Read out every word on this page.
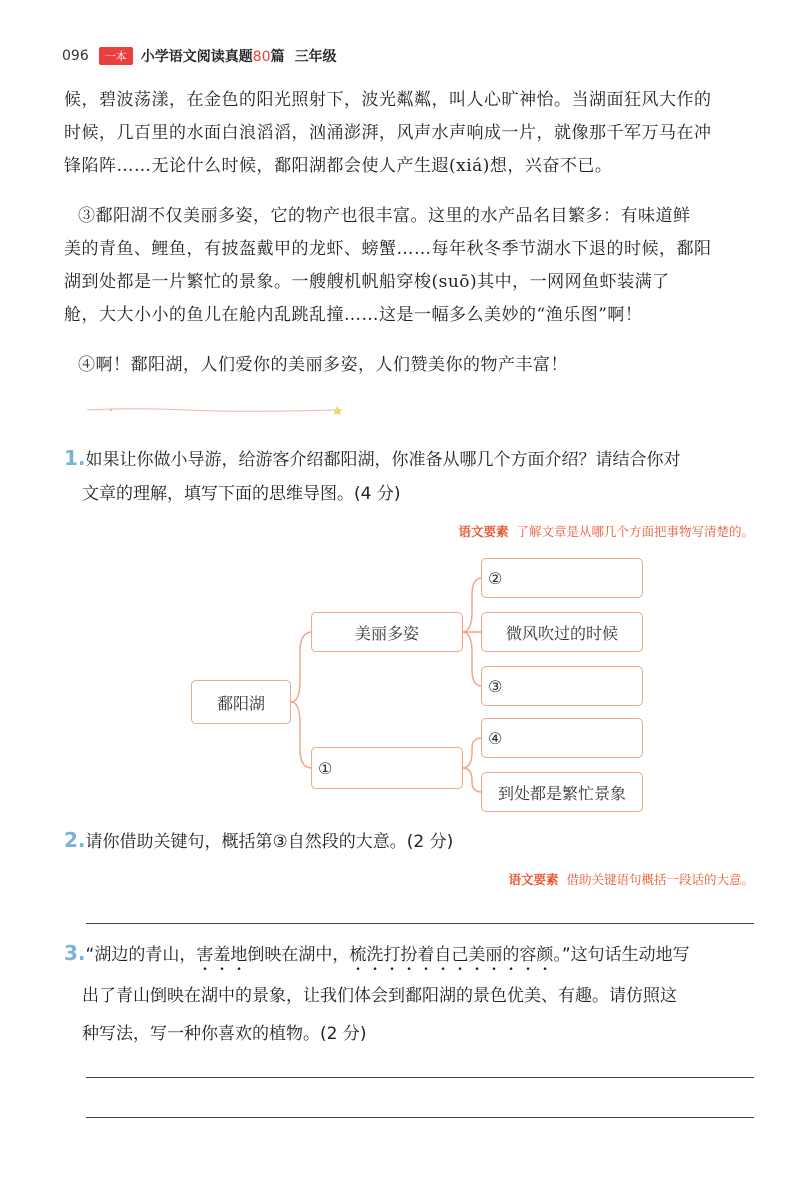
096	一本	小学语文阅读真题80篇 三年级

候，碧波荡漾，在金色的阳光照射下，波光粼粼，叫人心旷神怡。当湖面狂风大作的

时候，几百里的水面白浪滔滔，汹涌澎湃，风声水声响成一片，就像那千军万马在冲

锋陷阵……无论什么时候，鄱阳湖都会使人产生遐(xiá)想，兴奋不已。

③鄱阳湖不仅美丽多姿，它的物产也很丰富。这里的水产品名目繁多：有味道鲜

美的青鱼、鲤鱼，有披盔戴甲的龙虾、螃蟹……每年秋冬季节湖水下退的时候，鄱阳

湖到处都是一片繁忙的景象。一艘艘机帆船穿梭(suō)其中，一网网鱼虾装满了

舱，大大小小的鱼儿在舱内乱跳乱撞……这是一幅多么美妙的“渔乐图”啊！

④啊！鄱阳湖，人们爱你的美丽多姿，人们赞美你的物产丰富！

1.如果让你做小导游，给游客介绍鄱阳湖，你准备从哪几个方面介绍？请结合你对
文章的理解，填写下面的思维导图。(4 分)
语文要素 了解文章是从哪几个方面把事物写清楚的。
鄱阳湖
美丽多姿
①
②
微风吹过的时候
③
④
到处都是繁忙景象
2.请你借助关键句，概括第③自然段的大意。(2 分)
语文要素 借助关键语句概括一段话的大意。
3.“湖边的青山，害羞地倒映在湖中，梳洗打扮着自己美丽的容颜。”这句话生动地写
出了青山倒映在湖中的景象，让我们体会到鄱阳湖的景色优美、有趣。请仿照这
种写法，写一种你喜欢的植物。(2 分)
